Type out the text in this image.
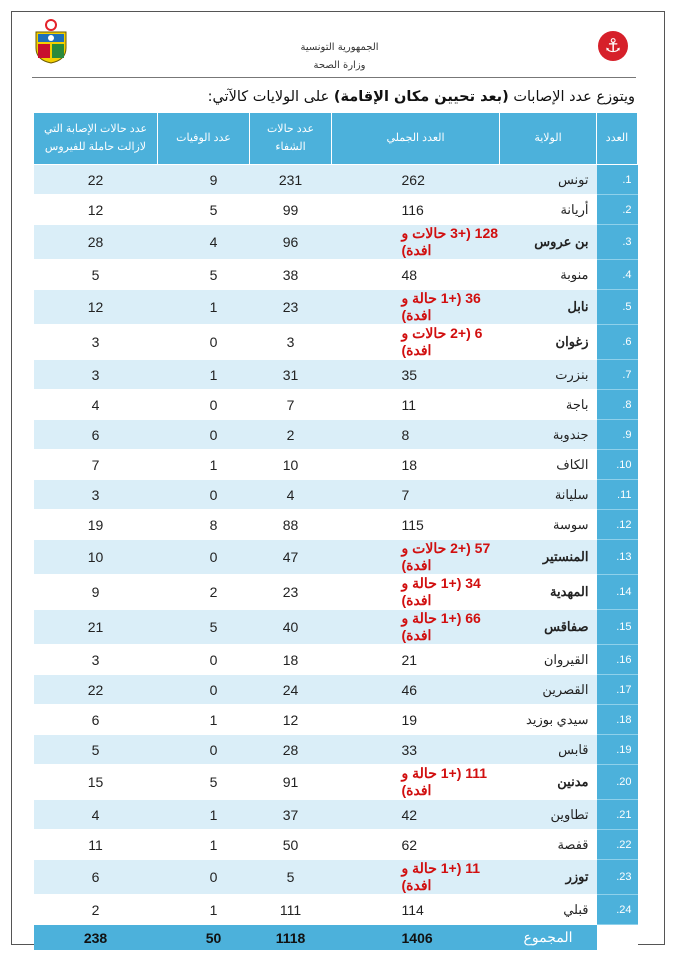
⚓
الجمهورية التونسية
وزارة الصحة
ويتوزع عدد الإصابات (بعد تحيين مكان الإقامة) على الولايات كالآتي:
العدد	الولاية	العدد الجملي	عدد حالات الشفاء	عدد الوفيات	عدد حالات الإصابة التي لازالت حاملة للفيروس
1.	تونس	262	231	9	22
2.	أريانة	116	99	5	12
3.	بن عروس	128 (+3 حالات و افدة)	96	4	28
4.	منوبة	48	38	5	5
5.	نابل	36 (+1 حالة و افدة)	23	1	12
6.	زغوان	6 (+2 حالات و افدة)	3	0	3
7.	بنزرت	35	31	1	3
8.	باجة	11	7	0	4
9.	جندوبة	8	2	0	6
10.	الكاف	18	10	1	7
11.	سليانة	7	4	0	3
12.	سوسة	115	88	8	19
13.	المنستير	57 (+2 حالات و افدة)	47	0	10
14.	المهدية	34 (+1 حالة و افدة)	23	2	9
15.	صفاقس	66 (+1 حالة و افدة)	40	5	21
16.	القيروان	21	18	0	3
17.	القصرين	46	24	0	22
18.	سيدي بوزيد	19	12	1	6
19.	قابس	33	28	0	5
20.	مدنين	111 (+1 حالة و افدة)	91	5	15
21.	تطاوين	42	37	1	4
22.	قفصة	62	50	1	11
23.	توزر	11 (+1 حالة و افدة)	5	0	6
24.	قبلي	114	111	1	2
	المجموع	1406	1118	50	238
